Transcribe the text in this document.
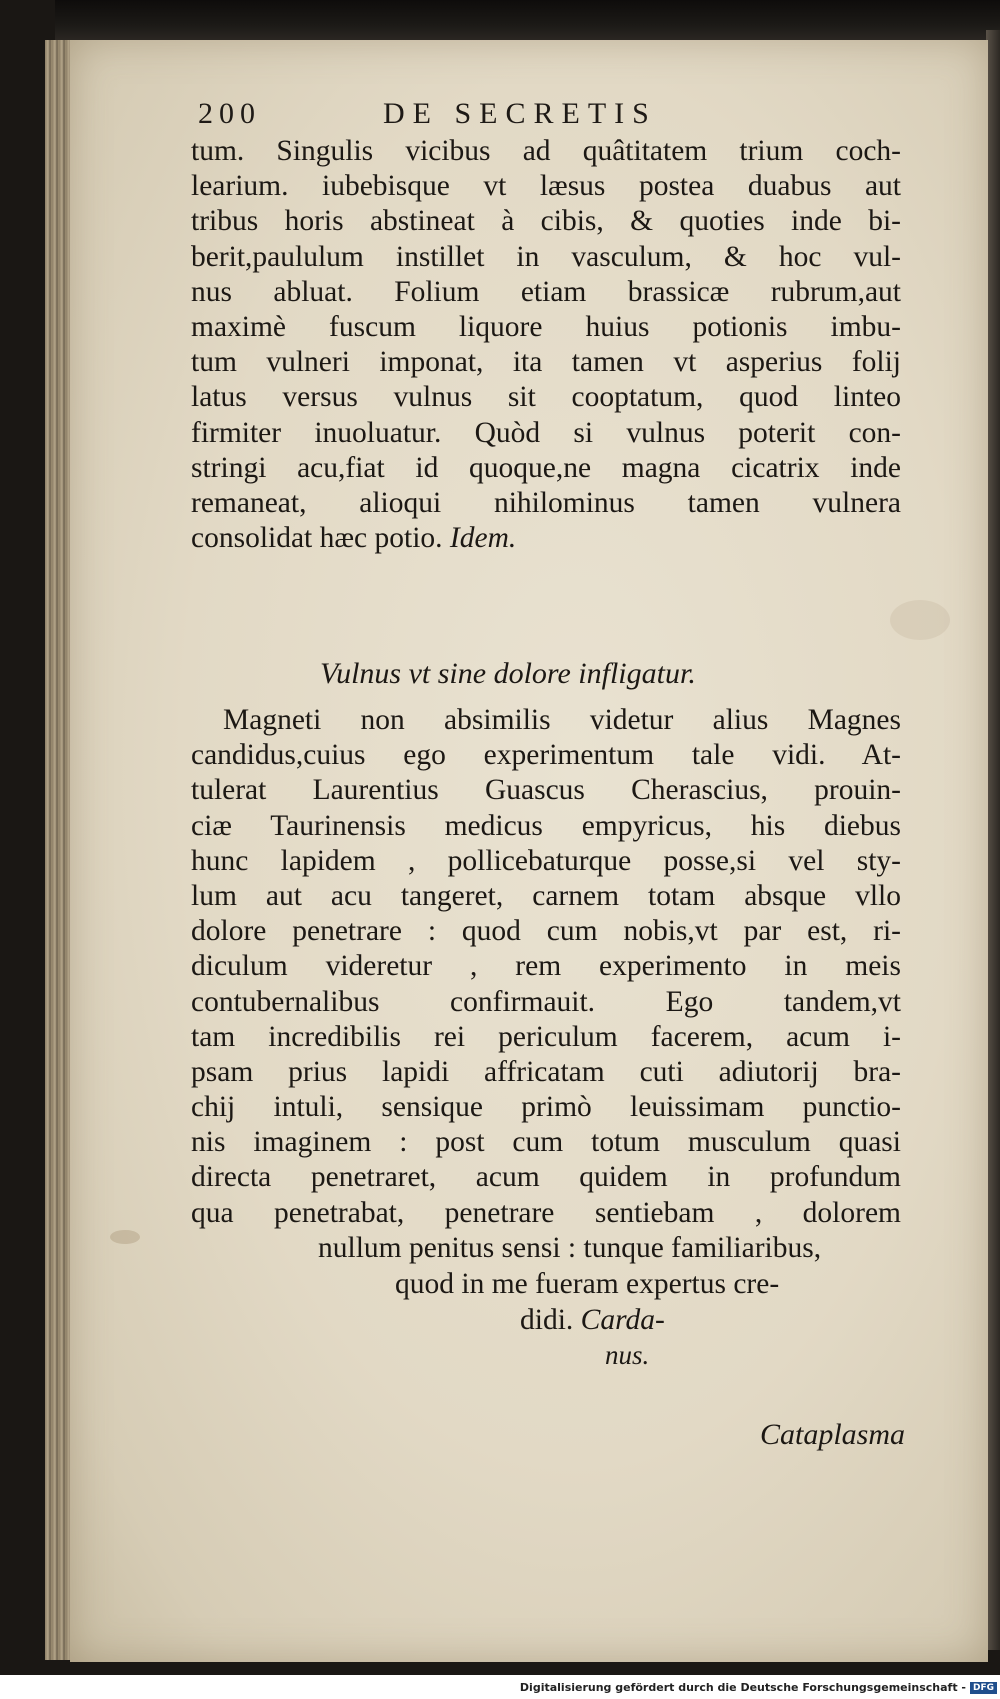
200	DE SECRETIS
tum. Singulis vicibus ad quâtitatem trium coch-
learium. iubebisque vt læsus postea duabus aut
tribus horis abstineat à cibis, & quoties inde bi-
berit,paululum instillet in vasculum, & hoc vul-
nus abluat. Folium etiam brassicæ rubrum,aut
maximè fuscum liquore huius potionis imbu-
tum vulneri imponat, ita tamen vt asperius folij
latus versus vulnus sit cooptatum, quod linteo
firmiter inuoluatur. Quòd si vulnus poterit con-
stringi acu,fiat id quoque,ne magna cicatrix inde
remaneat, alioqui nihilominus tamen vulnera
consolidat hæc potio. Idem.
Vulnus vt sine dolore infligatur.
Magneti non absimilis videtur alius Magnes
candidus,cuius ego experimentum tale vidi. At-
tulerat Laurentius Guascus Cherascius, prouin-
ciæ Taurinensis medicus empyricus, his diebus
hunc lapidem , pollicebaturque posse,si vel sty-
lum aut acu tangeret, carnem totam absque vllo
dolore penetrare : quod cum nobis,vt par est, ri-
diculum videretur , rem experimento in meis
contubernalibus confirmauit. Ego tandem,vt
tam incredibilis rei periculum facerem, acum i-
psam prius lapidi affricatam cuti adiutorij bra-
chij intuli, sensique primò leuissimam punctio-
nis imaginem : post cum totum musculum quasi
directa penetraret, acum quidem in profundum
qua penetrabat, penetrare sentiebam , dolorem
nullum penitus sensi : tunque familiaribus,
quod in me fueram expertus cre-
didi. Carda-
nus.
Cataplasma
Digitalisierung gefördert durch die Deutsche Forschungsgemeinschaft - DFG
